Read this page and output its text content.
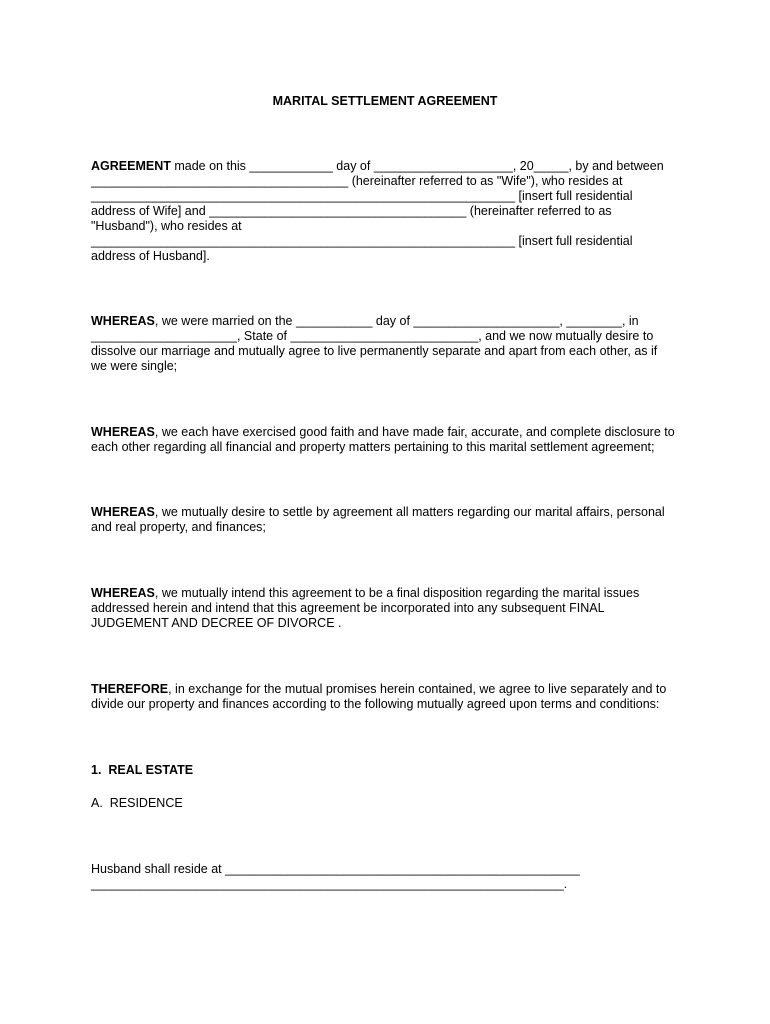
MARITAL SETTLEMENT AGREEMENT

AGREEMENT made on this ____________ day of ____________________, 20_____, by and between
_____________________________________ (hereinafter referred to as "Wife"), who resides at
_____________________________________________________________ [insert full residential
address of Wife] and _____________________________________ (hereinafter referred to as
"Husband"), who resides at
_____________________________________________________________ [insert full residential
address of Husband].

WHEREAS, we were married on the ___________ day of _____________________, ________, in
_____________________, State of ___________________________, and we now mutually desire to
dissolve our marriage and mutually agree to live permanently separate and apart from each other, as if
we were single;

WHEREAS, we each have exercised good faith and have made fair, accurate, and complete disclosure to
each other regarding all financial and property matters pertaining to this marital settlement agreement;

WHEREAS, we mutually desire to settle by agreement all matters regarding our marital affairs, personal
and real property, and finances;

WHEREAS, we mutually intend this agreement to be a final disposition regarding the marital issues
addressed herein and intend that this agreement be incorporated into any subsequent FINAL
JUDGEMENT AND DECREE OF DIVORCE .

THEREFORE, in exchange for the mutual promises herein contained, we agree to live separately and to
divide our property and finances according to the following mutually agreed upon terms and conditions:

1.  REAL ESTATE
A.  RESIDENCE

Husband shall reside at ___________________________________________________
____________________________________________________________________.
